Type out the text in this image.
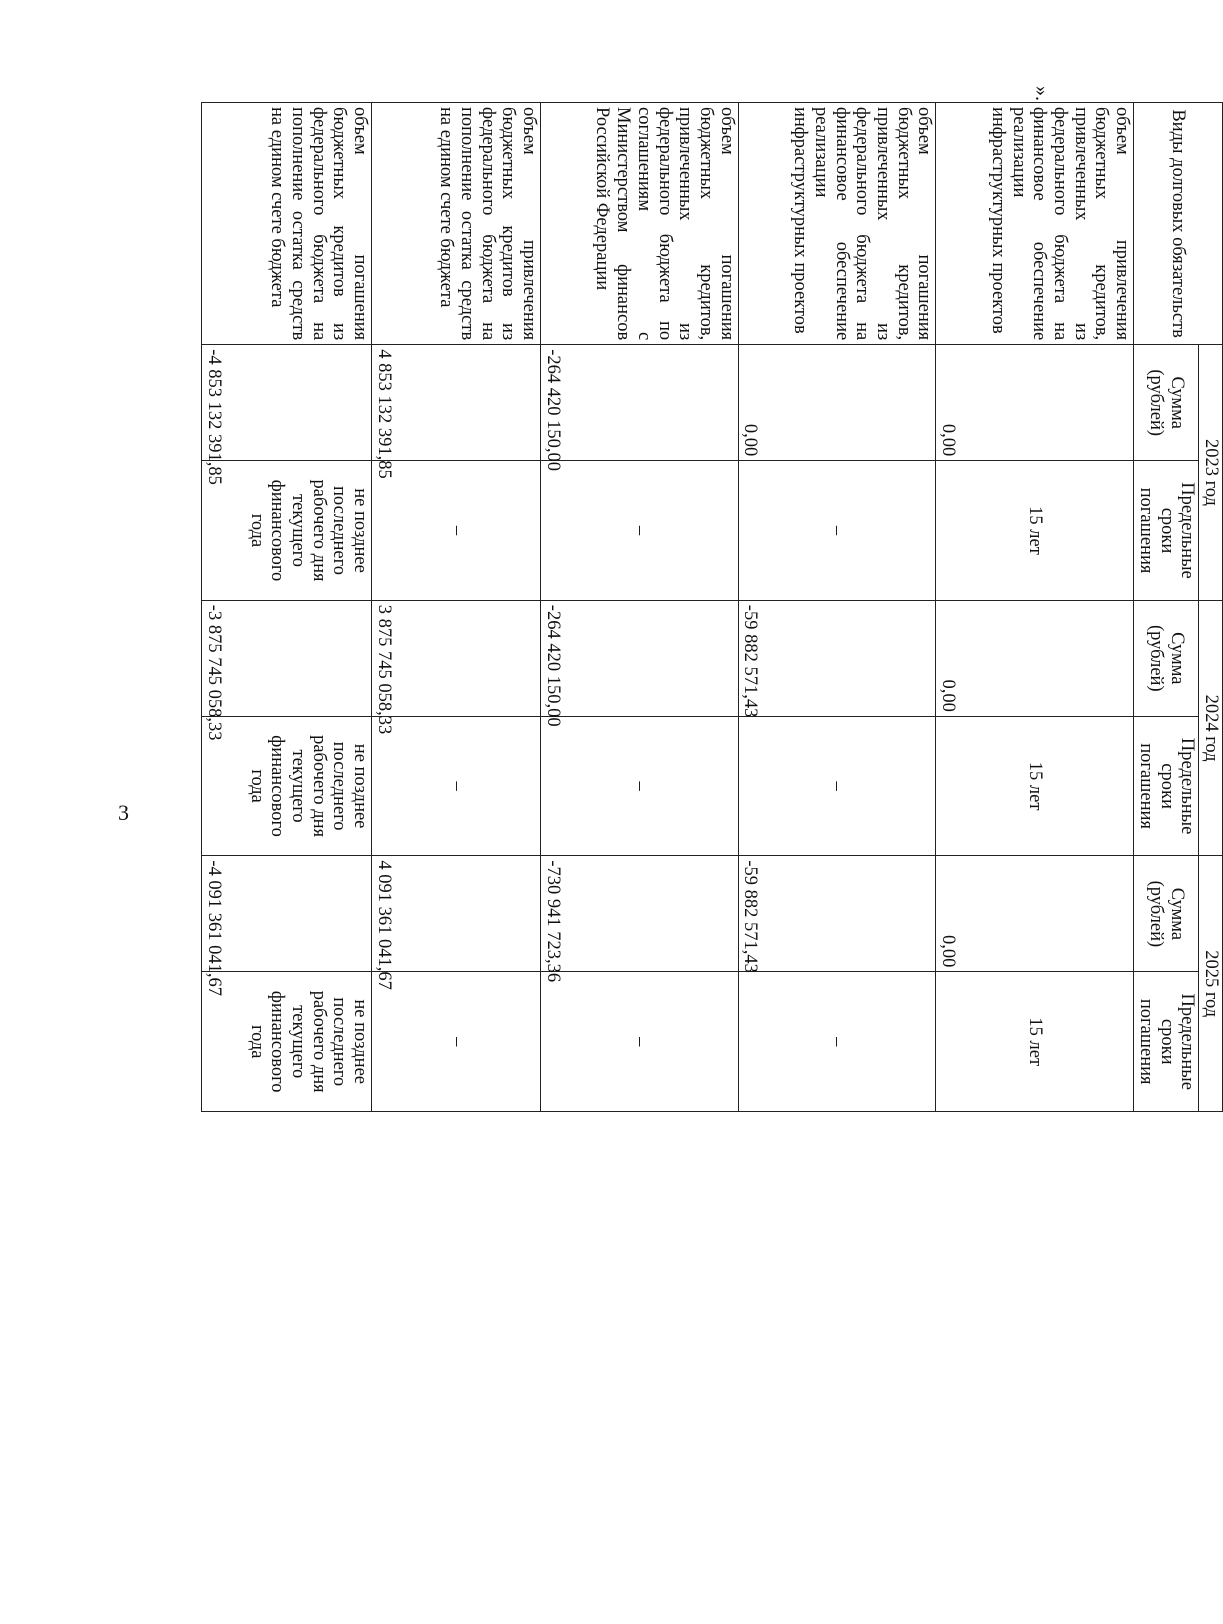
3
».
Виды долговых обязательств	2023 год		2024 год		2025 год	
	Сумма (рублей)	Предельные сроки погашения	Сумма (рублей)	Предельные сроки погашения	Сумма (рублей)	Предельные сроки погашения
объем привлечения бюджетных кредитов, привлеченных из федерального бюджета на финансовое обеспечение реализации инфраструктурных проектов	0,00	15 лет	0,00	15 лет	0,00	15 лет
объем погашения бюджетных кредитов, привлеченных из федерального бюджета на финансовое обеспечение реализации инфраструктурных проектов	0,00	–	-59 882 571,43	–	-59 882 571,43	–
объем погашения бюджетных кредитов, привлеченных из федерального бюджета по соглашениям с Министерством финансов Российской Федерации	-264 420 150,00	–	-264 420 150,00	–	-730 941 723,36	–
объем привлечения бюджетных кредитов из федерального бюджета на пополнение остатка средств на едином счете бюджета	4 853 132 391,85	–	3 875 745 058,33	–	4 091 361 041,67	–
объем погашения бюджетных кредитов из федерального бюджета на пополнение остатка средств на едином счете бюджета	-4 853 132 391,85	не позднее последнего рабочего дня текущего финансового года	-3 875 745 058,33	не позднее последнего рабочего дня текущего финансового года	-4 091 361 041,67	не позднее последнего рабочего дня текущего финансового года
